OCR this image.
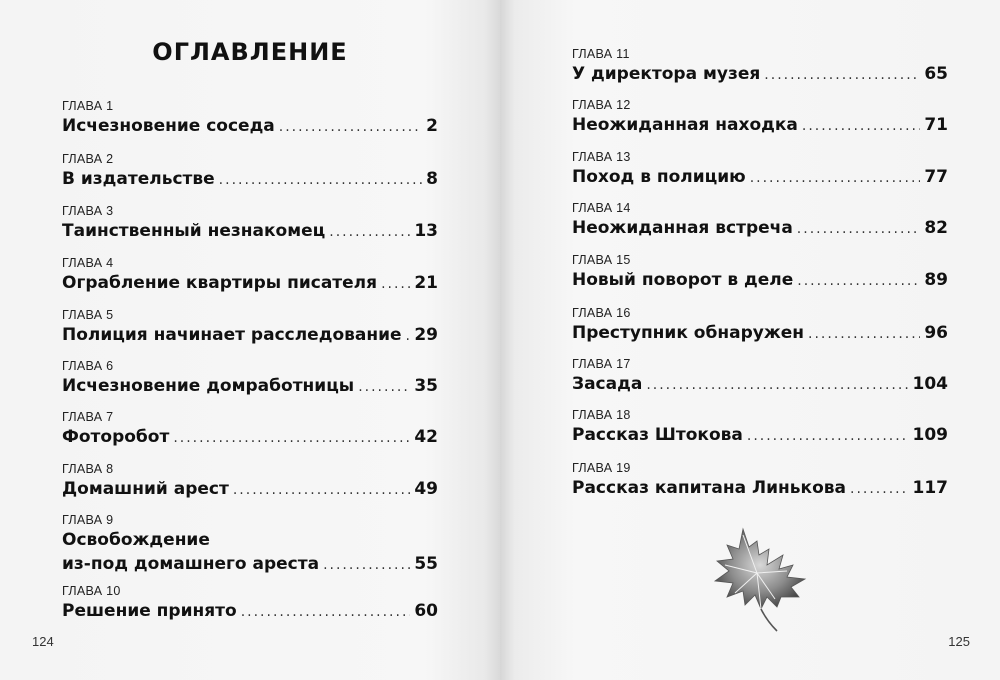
ОГЛАВЛЕНИЕ
ГЛАВА 1
Исчезновение соседа .....	2
ГЛАВА 2
В издательстве .....	8
ГЛАВА 3
Таинственный незнакомец .....	13
ГЛАВА 4
Ограбление квартиры писателя ..... 21
ГЛАВА 5
Полиция начинает расследование ..... 29
ГЛАВА 6
Исчезновение домработницы .....	35
ГЛАВА 7
Фоторобот .....	42
ГЛАВА 8
Домашний арест .....	49
ГЛАВА 9
Освобождение
из-под домашнего ареста .....	55
ГЛАВА 10
Решение принято .....	60
124
ГЛАВА 11
У директора музея .....	65
ГЛАВА 12
Неожиданная находка .....	71
ГЛАВА 13
Поход в полицию .....	77
ГЛАВА 14
Неожиданная встреча .....	82
ГЛАВА 15
Новый поворот в деле .....	89
ГЛАВА 16
Преступник обнаружен .....	96
ГЛАВА 17
Засада .....	104
ГЛАВА 18
Рассказ Штокова .....	109
ГЛАВА 19
Рассказ капитана Линькова .....	117
125
